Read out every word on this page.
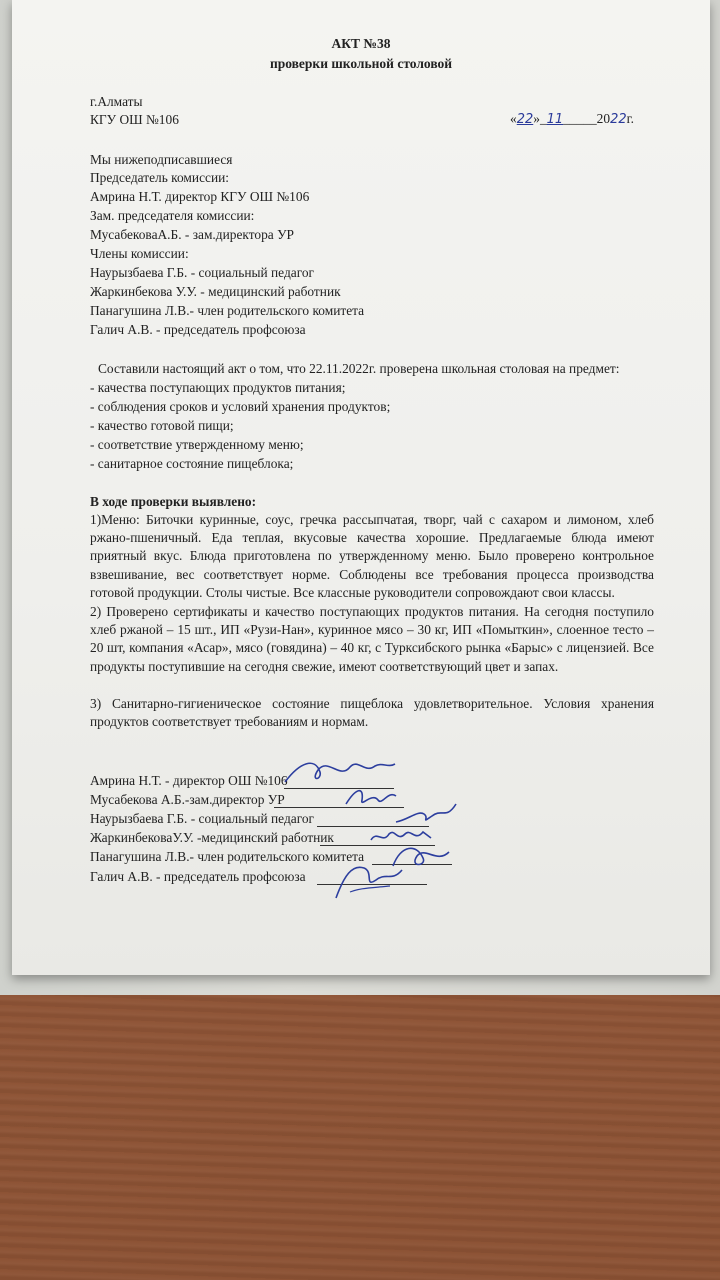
АКТ №38
проверки школьной столовой
г.Алматы
КГУ ОШ №106	«22»_11_____2022г.
Мы нижеподписавшиеся
Председатель комиссии:
Амрина Н.Т. директор КГУ ОШ №106
Зам. председателя комиссии:
МусабековаА.Б. - зам.директора УР
Члены комиссии:
Наурызбаева Г.Б. - социальный педагог
Жаркинбекова У.У. - медицинский работник
Панагушина Л.В.- член родительского комитета
Галич А.В. - председатель профсоюза
Составили настоящий акт о том, что 22.11.2022г. проверена школьная столовая на предмет:
- качества поступающих продуктов питания;
- соблюдения сроков и условий хранения продуктов;
- качество готовой пищи;
- соответствие утвержденному меню;
- санитарное состояние пищеблока;
В ходе проверки выявлено:
1)Меню: Биточки куринные, соус, гречка рассыпчатая, творг, чай с сахаром и лимоном, хлеб ржано-пшеничный. Еда теплая, вкусовые качества хорошие. Предлагаемые блюда имеют приятный вкус. Блюда приготовлена по утвержденному меню. Было проверено контрольное взвешивание, вес соответствует норме. Соблюдены все требования процесса производства готовой продукции. Столы чистые. Все классные руководители сопровождают свои классы.
2) Проверено сертификаты и качество поступающих продуктов питания. На сегодня поступило хлеб ржаной – 15 шт., ИП «Рузи-Нан», куринное мясо – 30 кг, ИП «Помыткин», слоенное тесто – 20 шт, компания «Асар», мясо (говядина) – 40 кг, с Турксибского рынка «Барыс» с лицензией. Все продукты поступившие на сегодня свежие, имеют соответствующий цвет и запах.
3) Санитарно-гигиеническое состояние пищеблока удовлетворительное. Условия хранения продуктов соответствует требованиям и нормам.
Амрина Н.Т. - директор ОШ №106
Мусабекова А.Б.-зам.директор УР
Наурызбаева Г.Б. - социальный педагог
ЖаркинбековаУ.У. -медицинский работник
Панагушина Л.В.- член родительского комитета
Галич А.В. - председатель профсоюза
